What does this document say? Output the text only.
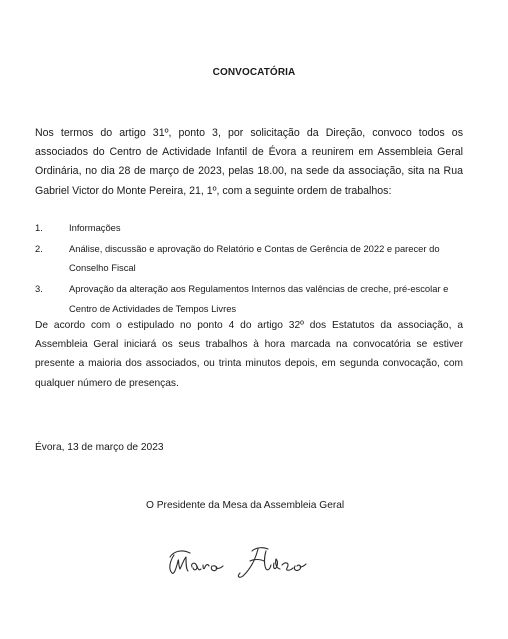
CONVOCATÓRIA

Nos termos do artigo 31º, ponto 3, por solicitação da Direção, convoco todos os associados do Centro de Actividade Infantil de Évora a reunirem em Assembleia Geral Ordinária, no dia 28 de março de 2023, pelas 18.00, na sede da associação, sita na Rua Gabriel Victor do Monte Pereira, 21, 1º, com a seguinte ordem de trabalhos:

1.	Informações
2.	Análise, discussão e aprovação do Relatório e Contas de Gerência de 2022 e parecer do Conselho Fiscal
3.	Aprovação da alteração aos Regulamentos Internos das valências de creche, pré-escolar e Centro de Actividades de Tempos Livres

De acordo com o estipulado no ponto 4 do artigo 32º dos Estatutos da associação, a Assembleia Geral iniciará os seus trabalhos à hora marcada na convocatória se estiver presente a maioria dos associados, ou trinta minutos depois, em segunda convocação, com qualquer número de presenças.

Évora, 13 de março de 2023
O Presidente da Mesa da Assembleia Geral
